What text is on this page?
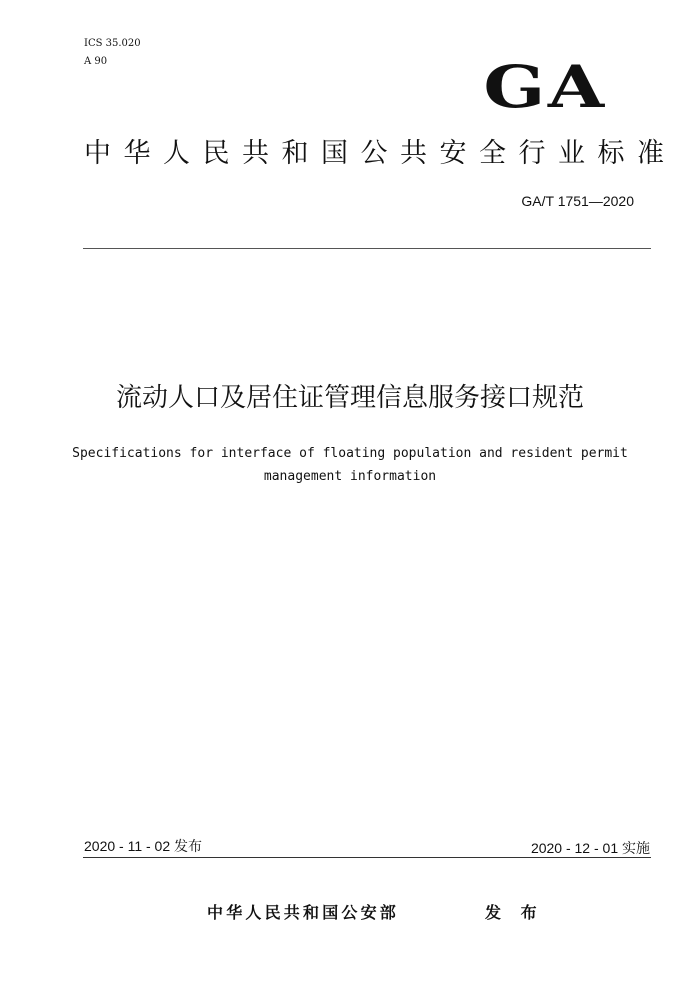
ICS 35.020
A 90	GA
中华人民共和国公共安全行业标准
GA/T 1751—2020
流动人口及居住证管理信息服务接口规范
Specifications for interface of floating population and resident permit management information
2020 - 11 - 02 发布	2020 - 12 - 01 实施
中华人民共和国公安部	发 布
